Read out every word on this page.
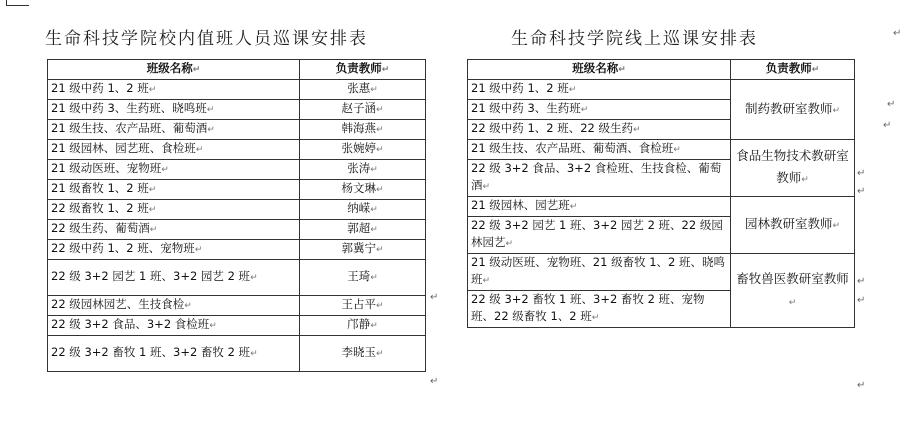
生命科技学院校内值班人员巡课安排表	生命科技学院线上巡课安排表
班级名称↵	负责教师↵
21 级中药 1、2 班↵	张惠↵
21 级中药 3、生药班、晓鸣班↵	赵子涵↵
21 级生技、农产品班、葡萄酒↵	韩海燕↵
21 级园林、园艺班、食检班↵	张婉婷↵
21 级动医班、宠物班↵	张涛↵
21 级畜牧 1、2 班↵	杨文琳↵
22 级畜牧 1、2 班↵	纳嵘↵
22 级生药、葡萄酒↵	郭超↵
22 级中药 1、2 班、宠物班↵	郭冀宁↵
22 级 3+2 园艺 1 班、3+2 园艺 2 班↵	王琦↵
22 级园林园艺、生技食检↵	王占平↵
22 级 3+2 食品、3+2 食检班↵	邝静↵
22 级 3+2 畜牧 1 班、3+2 畜牧 2 班↵	李晓玉↵
班级名称↵	负责教师↵
21 级中药 1、2 班↵	制药教研室教师↵
21 级中药 3、生药班↵	
22 级中药 1、2 班、22 级生药↵	
21 级生技、农产品班、葡萄酒、食检班↵	食品生物技术教研室教师↵
22 级 3+2 食品、3+2 食检班、生技食检、葡萄酒↵	
21 级园林、园艺班↵	园林教研室教师↵
22 级 3+2 园艺 1 班、3+2 园艺 2 班、22 级园林园艺↵	
21 级动医班、宠物班、21 级畜牧 1、2 班、晓鸣班↵	畜牧兽医教研室教师↵
22 级 3+2 畜牧 1 班、3+2 畜牧 2 班、宠物班、22 级畜牧 1、2 班↵	
↵
↵
↵
↵
↵
↵
↵
↵
↵
↵
